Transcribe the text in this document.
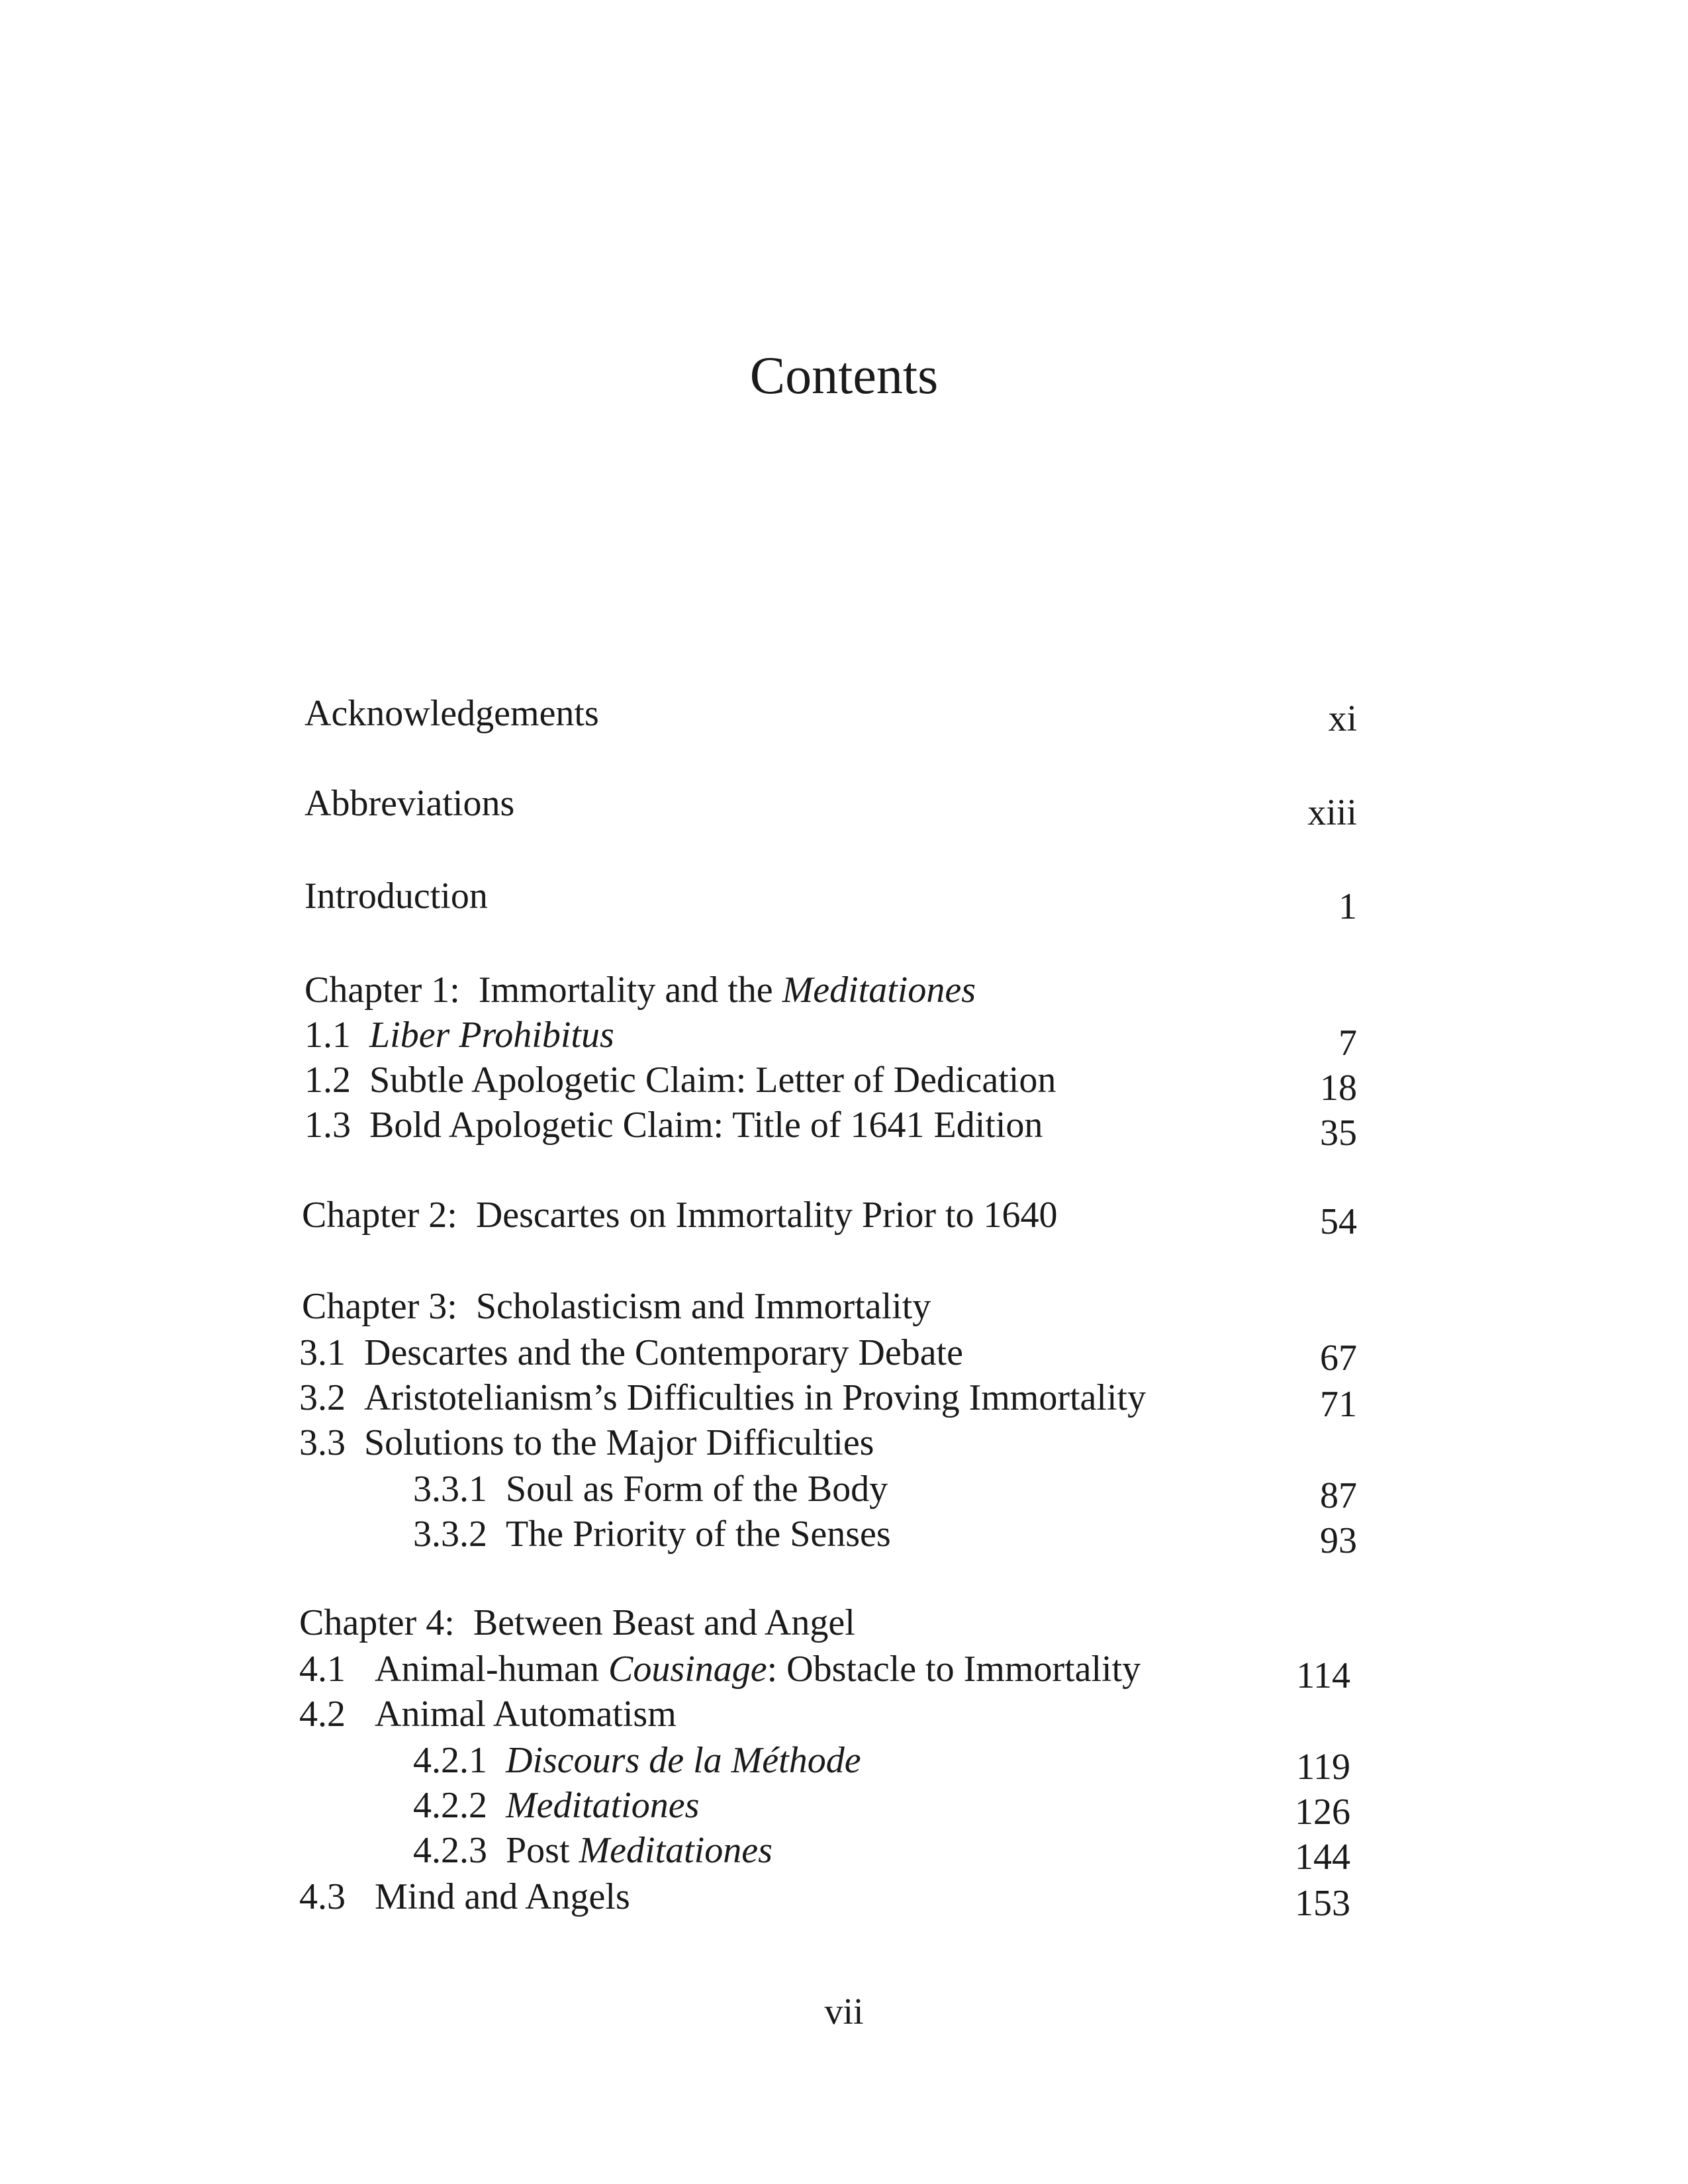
Contents
Acknowledgements	xi
Abbreviations	xiii
Introduction	1
Chapter 1: Immortality and the Meditationes
1.1 Liber Prohibitus	7
1.2 Subtle Apologetic Claim: Letter of Dedication	18
1.3 Bold Apologetic Claim: Title of 1641 Edition	35
Chapter 2: Descartes on Immortality Prior to 1640	54
Chapter 3: Scholasticism and Immortality
3.1 Descartes and the Contemporary Debate	67
3.2 Aristotelianism’s Difficulties in Proving Immortality	71
3.3 Solutions to the Major Difficulties
3.3.1 Soul as Form of the Body	87
3.3.2 The Priority of the Senses	93
Chapter 4: Between Beast and Angel
4.1 Animal-human Cousinage: Obstacle to Immortality	114
4.2 Animal Automatism
4.2.1 Discours de la Méthode	119
4.2.2 Meditationes	126
4.2.3 Post Meditationes	144
4.3 Mind and Angels	153
vii
